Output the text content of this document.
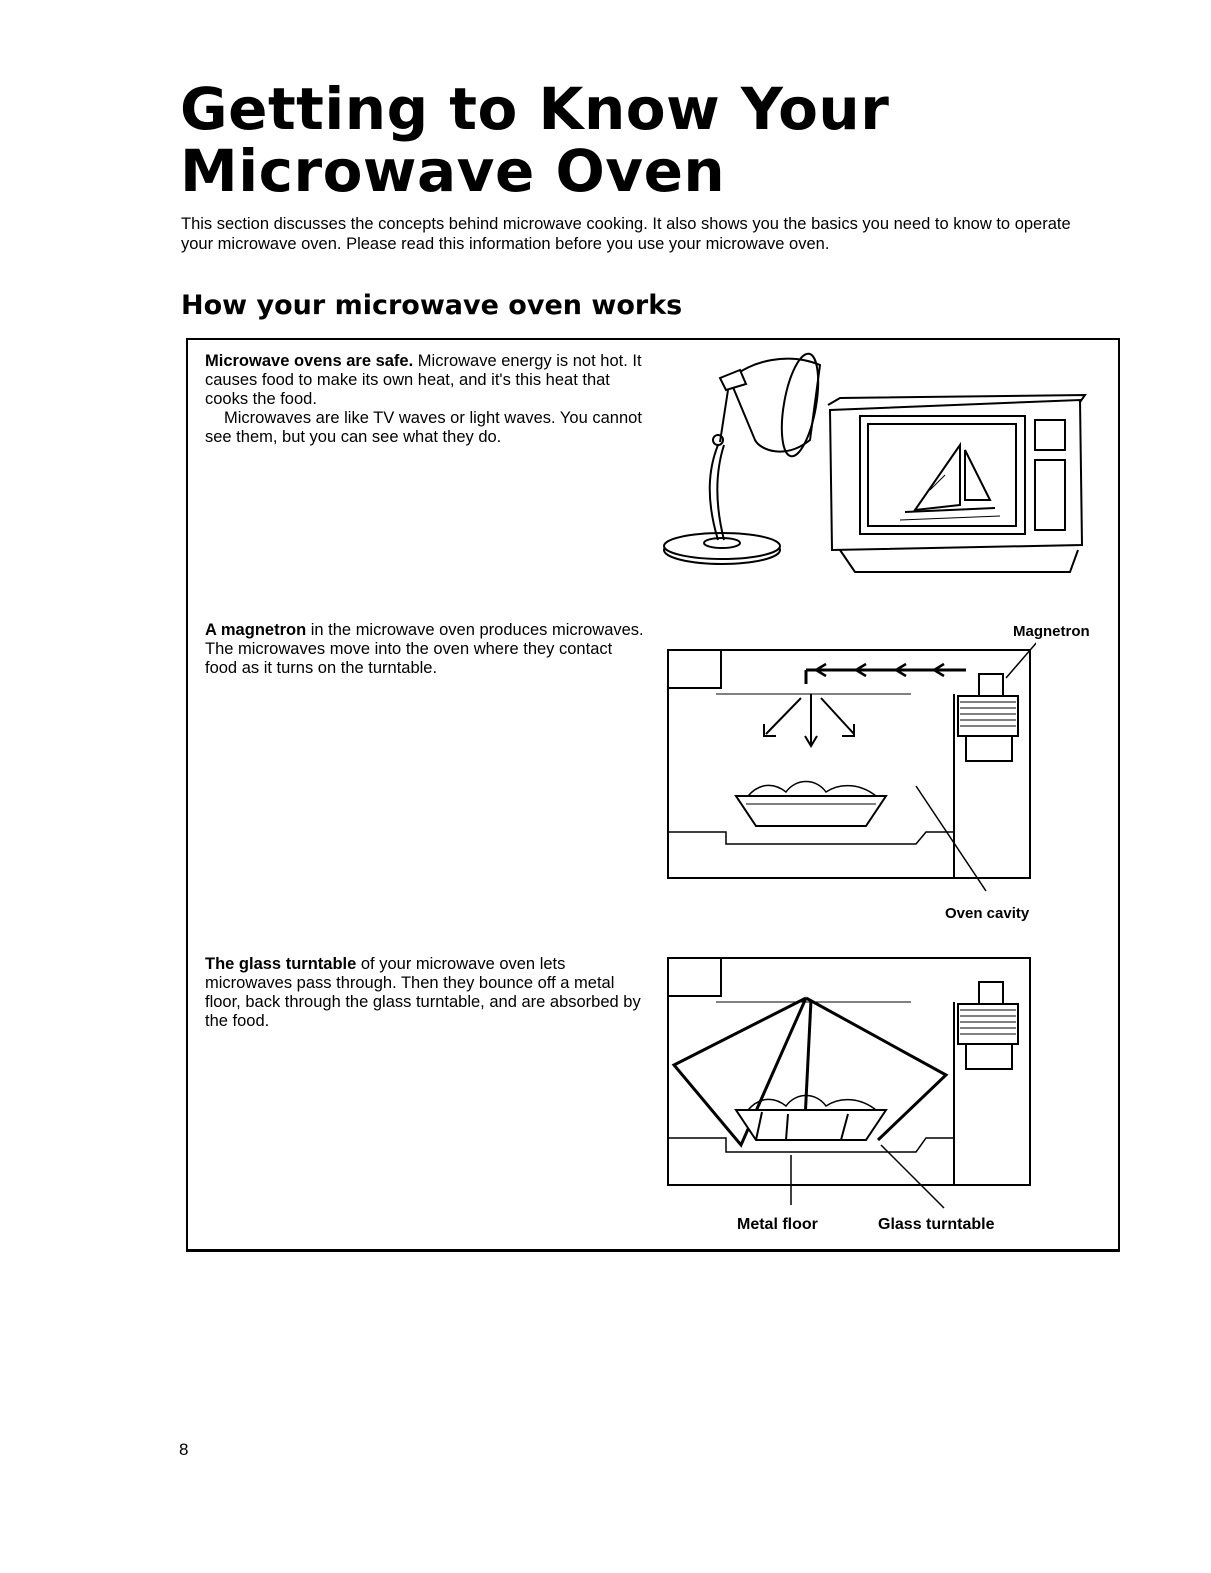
Getting to Know Your
Microwave Oven

This section discusses the concepts behind microwave cooking. It also shows you the basics you need to know to operate your microwave oven. Please read this information before you use your microwave oven.

How your microwave oven works

Microwave ovens are safe. Microwave energy is not hot. It causes food to make its own heat, and it's this heat that cooks the food.
Microwaves are like TV waves or light waves. You cannot see them, but you can see what they do.

A magnetron in the microwave oven produces microwaves. The microwaves move into the oven where they contact food as it turns on the turntable.

Magnetron
Oven cavity

The glass turntable of your microwave oven lets microwaves pass through. Then they bounce off a metal floor, back through the glass turntable, and are absorbed by the food.

Metal floor	Glass turntable

8
